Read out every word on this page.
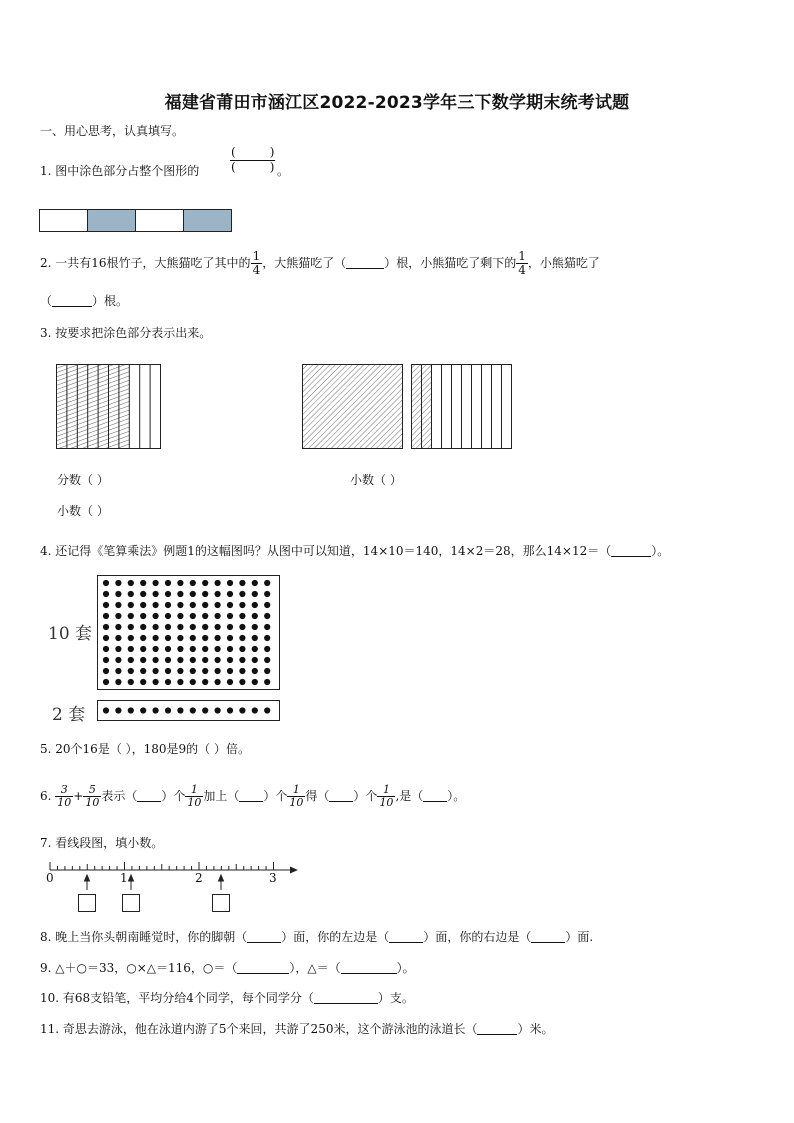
福建省莆田市涵江区2022-2023学年三下数学期末统考试题
一、用心思考，认真填写。
1. 图中涂色部分占整个图形的
(	)
(	) 。
2. 一共有16根竹子，大熊猫吃了其中的 $\frac{1}{4}$ ，大熊猫吃了（	）根，小熊猫吃了剩下的 $\frac{1}{4}$ ，小熊猫吃了
（	）根。
3. 按要求把涂色部分表示出来。
分数（ ）	小数（ ）
小数（ ）
4. 还记得《笔算乘法》例题1的这幅图吗？从图中可以知道，14×10＝140，14×2＝28，那么14×12＝（	）。
10 套
2 套
5. 20个16是（ ），180是9的（ ）倍。
6. $\frac{3}{10} + \frac{5}{10}$ 表示（ ）个 $\frac{1}{10}$ 加上（ ）个 $\frac{1}{10}$ 得（ ）个 $\frac{1}{10}$ ,是（ ）。
7. 看线段图，填小数。
0	1	2	3
8. 晚上当你头朝南睡觉时，你的脚朝（	）面，你的左边是（	）面，你的右边是（	）面.
9. △＋○＝33，○×△＝116，○＝（	），△＝（	）。
10. 有68支铅笔，平均分给4个同学，每个同学分（	）支。
11. 奇思去游泳，他在泳道内游了5个来回，共游了250米，这个游泳池的泳道长（	）米。
